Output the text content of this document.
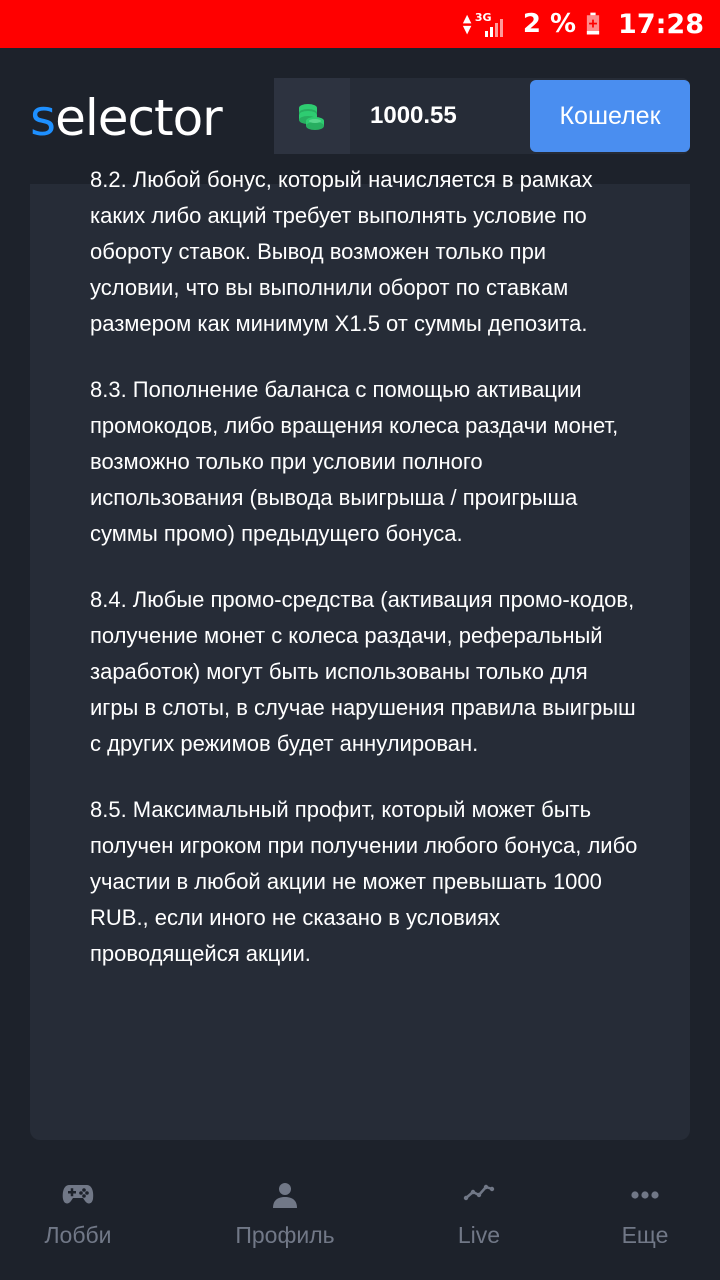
▲
▼
3G 2 % 17:28
selector	1000.55	Кошелек

8.2. Любой бонус, который начисляется в рамках каких либо акций требует выполнять условие по обороту ставок. Вывод возможен только при условии, что вы выполнили оборот по ставкам размером как минимум X1.5 от суммы депозита.

8.3. Пополнение баланса с помощью активации промокодов, либо вращения колеса раздачи монет, возможно только при условии полного использования (вывода выигрыша / проигрыша суммы промо) предыдущего бонуса.

8.4. Любые промо-средства (активация промо-кодов, получение монет с колеса раздачи, реферальный заработок) могут быть использованы только для игры в слоты, в случае нарушения правила выигрыш с других режимов будет аннулирован.

8.5. Максимальный профит, который может быть получен игроком при получении любого бонуса, либо участии в любой акции не может превышать 1000 RUB., если иного не сказано в условиях проводящейся акции.

Лобби	Профиль	Live	Еще
